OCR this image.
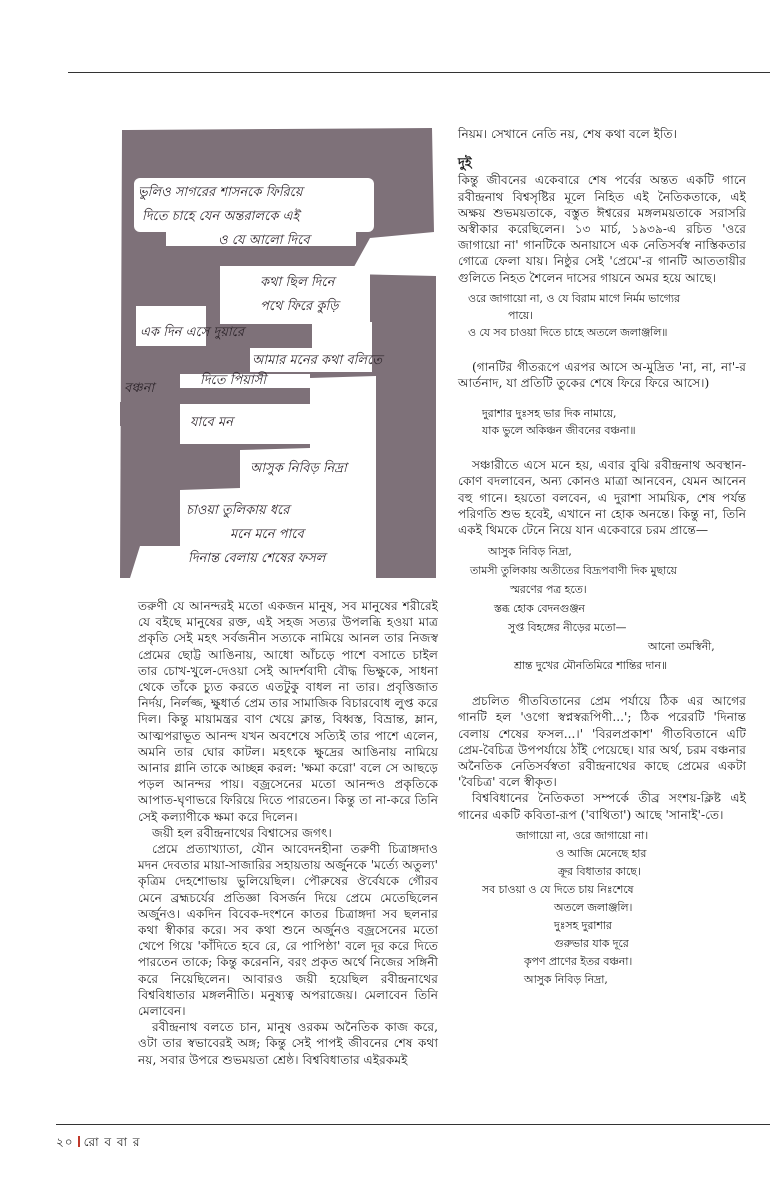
ভুলিও সাগরের শাসনকে ফিরিয়ে
দিতে চাহে যেন অন্তরালকে এই
ও যে আলো দিবে
কথা ছিল দিনে
পথে ফিরে কুড়ি
এক দিন এসে দুয়ারে
আমার মনের কথা বলিতে
দিতে পিয়াসী
বঞ্চনা
যাবে মন
আসুক নিবিড় নিদ্রা
চাওয়া তুলিকায় ধরে
মনে মনে পাবে
দিনান্ত বেলায় শেষের ফসল

তরুণী যে আনন্দরই মতো একজন মানুষ, সব মানুষের শরীরেই যে বইছে মানুষের রক্ত, এই সহজ সত্যর উপলব্ধি হওয়া মাত্র প্রকৃতি সেই মহৎ সর্বজনীন সত্যকে নামিয়ে আনল তার নিজস্ব প্রেমের ছোট্ট আঙিনায়, আধো আঁচড়ে পাশে বসাতে চাইল তার চোখ-খুলে-দেওয়া সেই আদর্শবাদী বৌদ্ধ ভিক্ষুকে, সাধনা থেকে তাঁকে চ্যুত করতে এতটুকু বাধল না তার। প্রবৃত্তিজাত নির্দয়, নির্লজ্জ, ক্ষুধার্ত প্রেম তার সামাজিক বিচারবোধ লুপ্ত করে দিল। কিন্তু মায়ামন্ত্রর বাণ খেয়ে ক্লান্ত, বিধ্বস্ত, বিভ্রান্ত, ম্লান, আত্মপরাভূত আনন্দ যখন অবশেষে সত্যিই তার পাশে এলেন, অমনি তার ঘোর কাটল। মহৎকে ক্ষুদ্রের আঙিনায় নামিয়ে আনার গ্লানি তাকে আচ্ছন্ন করল: 'ক্ষমা করো' বলে সে আছড়ে পড়ল আনন্দর পায়। বজ্রসেনের মতো আনন্দও প্রকৃতিকে আপাত-ঘৃণাভরে ফিরিয়ে দিতে পারতেন। কিন্তু তা না-করে তিনি সেই কল্যাণীকে ক্ষমা করে দিলেন।

জয়ী হল রবীন্দ্রনাথের বিশ্বাসের জগৎ।

প্রেমে প্রত্যাখ্যাতা, যৌন আবেদনহীনা তরুণী চিত্রাঙ্গদাও মদন দেবতার মায়া-সাজারির সহায়তায় অর্জুনকে 'মর্ত্যে অতুল্য' কৃত্রিম দেহশোভায় ভুলিয়েছিল। পৌরুষের ঔর্বেযকে গৌরব মেনে ব্রহ্মচর্যের প্রতিজ্ঞা বিসর্জন দিয়ে প্রেমে মেতেছিলেন অর্জুনও। একদিন বিবেক-দংশনে কাতর চিত্রাঙ্গদা সব ছলনার কথা স্বীকার করে। সব কথা শুনে অর্জুনও বজ্রসেনের মতো খেপে গিয়ে 'কাঁদিতে হবে রে, রে পাপিষ্ঠা' বলে দূর করে দিতে পারতেন তাকে; কিন্তু করেননি, বরং প্রকৃত অর্থে নিজের সঙ্গিনী করে নিয়েছিলেন। আবারও জয়ী হয়েছিল রবীন্দ্রনাথের বিশ্ববিধাতার মঙ্গলনীতি। মনুষ্যত্ব অপরাজেয়। মেলাবেন তিনি মেলাবেন।

রবীন্দ্রনাথ বলতে চান, মানুষ ওরকম অনৈতিক কাজ করে, ওটা তার স্বভাবেরই অঙ্গ; কিন্তু সেই পাপই জীবনের শেষ কথা নয়, সবার উপরে শুভময়তা শ্রেষ্ঠ। বিশ্ববিধাতার এইরকমই

নিয়ম। সেখানে নেতি নয়, শেষ কথা বলে ইতি।

দুই

কিন্তু জীবনের একেবারে শেষ পর্বের অন্তত একটি গানে রবীন্দ্রনাথ বিশ্বসৃষ্টির মূলে নিহিত এই নৈতিকতাকে, এই অক্ষয় শুভময়তাকে, বস্তুত ঈশ্বরের মঙ্গলময়তাকে সরাসরি অস্বীকার করেছিলেন। ১৩ মার্চ, ১৯৩৯-এ রচিত 'ওরে জাগায়ো না' গানটিকে অনায়াসে এক নেতিসর্বস্ব নাস্তিকতার গোত্রে ফেলা যায়। নিষ্ঠুর সেই 'প্রেমে'-র গানটি আততায়ীর গুলিতে নিহত শৈলেন দাসের গায়নে অমর হয়ে আছে।

ওরে জাগায়ো না, ও যে বিরাম মাগে নির্মম ভাগ্যের
পায়ে।
ও যে সব চাওয়া দিতে চাহে অতলে জলাঞ্জলি॥

(গানটির গীতরূপে এরপর আসে অ-মুদ্রিত 'না, না, না'-র আর্তনাদ, যা প্রতিটি তুকের শেষে ফিরে ফিরে আসে।)

দুরাশার দুঃসহ ভার দিক নামায়ে,
যাক ভুলে অকিঞ্চন জীবনের বঞ্চনা॥

সঞ্চারীতে এসে মনে হয়, এবার বুঝি রবীন্দ্রনাথ অবস্থান-কোণ বদলাবেন, অন্য কোনও মাত্রা আনবেন, যেমন আনেন বহু গানে। হয়তো বলবেন, এ দুরাশা সাময়িক, শেষ পর্যন্ত পরিণতি শুভ হবেই, এখানে না হোক অনন্তে। কিন্তু না, তিনি একই থিমকে টেনে নিয়ে যান একেবারে চরম প্রান্তে—

আসুক নিবিড় নিদ্রা,
তামসী তুলিকায় অতীতের বিদ্রূপবাণী দিক মুছায়ে
স্মরণের পত্র হতে।
স্তব্ধ হোক বেদনগুঞ্জন
সুপ্ত বিহঙ্গের নীড়ের মতো—
আনো তমস্বিনী,
শ্রান্ত দুখের মৌনতিমিরে শান্তির দান॥

প্রচলিত গীতবিতানের প্রেম পর্যায়ে ঠিক এর আগের গানটি হল 'ওগো স্বপ্নস্বরূপিণী...'; ঠিক পরেরটি 'দিনান্ত বেলায় শেষের ফসল...।' 'বিরলপ্রকাশ' গীতবিতানে এটি প্রেম-বৈচিত্র উপপর্যায়ে ঠাঁই পেয়েছে। যার অর্থ, চরম বঞ্চনার অনৈতিক নেতিসর্বস্বতা রবীন্দ্রনাথের কাছে প্রেমের একটা 'বৈচিত্র' বলে স্বীকৃত।

বিশ্ববিধানের নৈতিকতা সম্পর্কে তীব্র সংশয়-ক্লিষ্ট এই গানের একটি কবিতা-রূপ ('বাথিতা') আছে 'সানাই'-তে।

জাগায়ো না, ওরে জাগায়ো না।
ও আজি মেনেছে হার
ক্রূর বিধাতার কাছে।
সব চাওয়া ও যে দিতে চায় নিঃশেষে
অতলে জলাঞ্জলি।
দুঃসহ দুরাশার
গুরুভার যাক দূরে
কৃপণ প্রাণের ইতর বঞ্চনা।
আসুক নিবিড় নিদ্রা,

২০ রো ব বা র
